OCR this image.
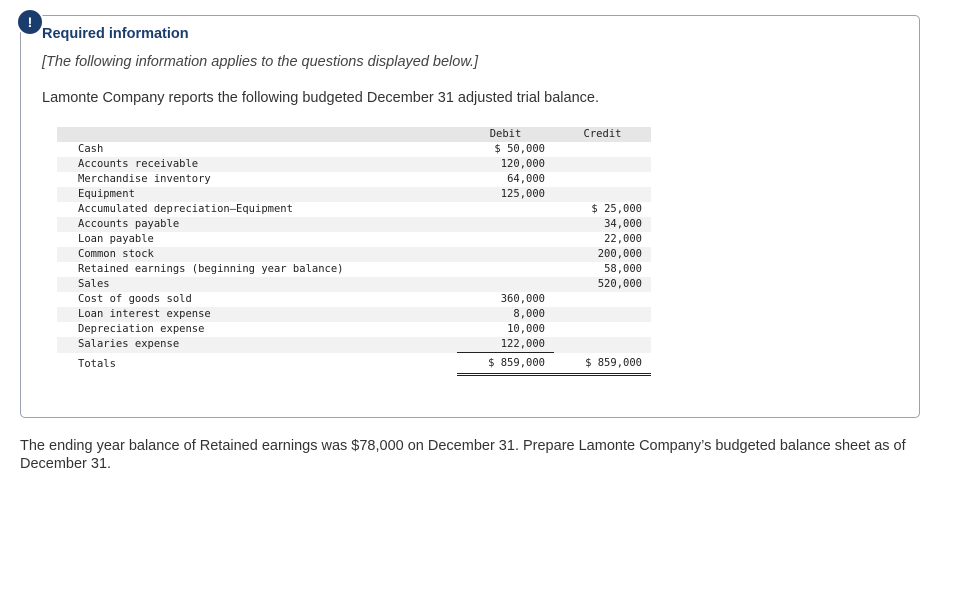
!

Required information

[The following information applies to the questions displayed below.]

Lamonte Company reports the following budgeted December 31 adjusted trial balance.

	Debit	Credit
Cash	$ 50,000	
Accounts receivable	120,000	
Merchandise inventory	64,000	
Equipment	125,000	
Accumulated depreciation—Equipment		$ 25,000
Accounts payable		34,000
Loan payable		22,000
Common stock		200,000
Retained earnings (beginning year balance)		58,000
Sales		520,000
Cost of goods sold	360,000	
Loan interest expense	8,000	
Depreciation expense	10,000	
Salaries expense	122,000	
Totals	$ 859,000	$ 859,000

The ending year balance of Retained earnings was $78,000 on December 31. Prepare Lamonte Company’s budgeted balance sheet as of December 31.
